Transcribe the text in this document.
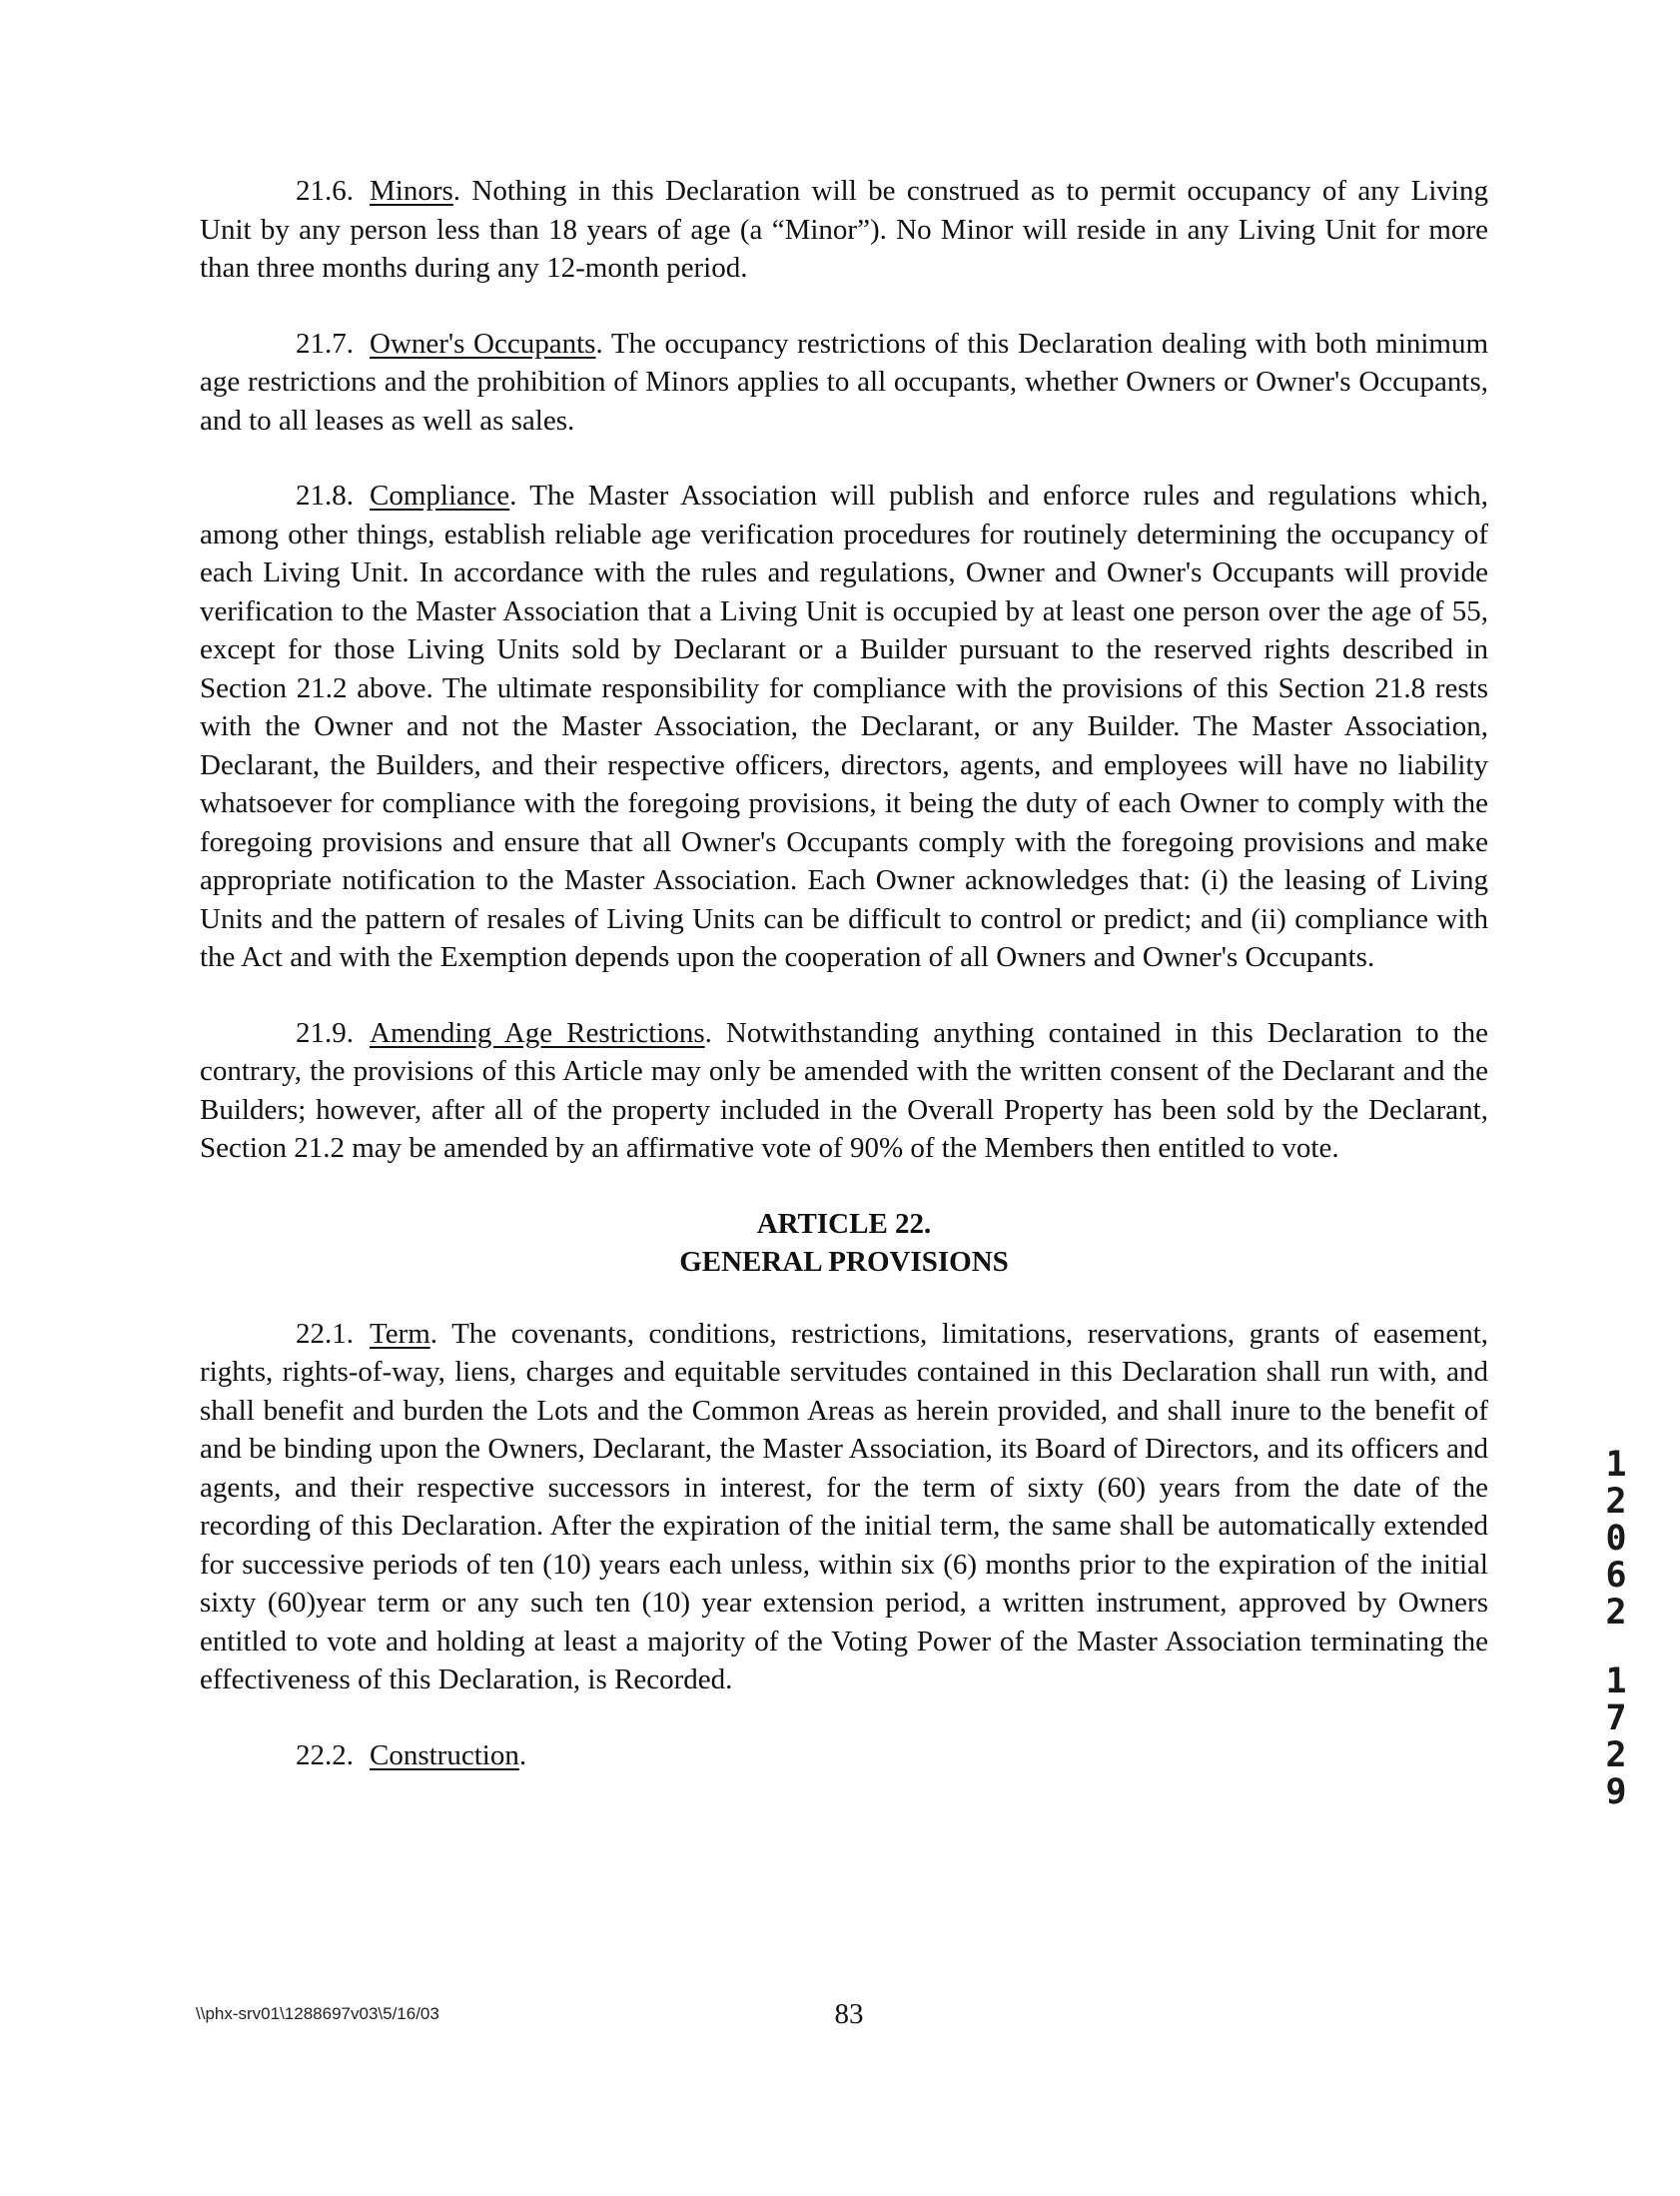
21.6. Minors. Nothing in this Declaration will be construed as to permit occupancy of any Living Unit by any person less than 18 years of age (a “Minor”). No Minor will reside in any Living Unit for more than three months during any 12-month period.

21.7. Owner's Occupants. The occupancy restrictions of this Declaration dealing with both minimum age restrictions and the prohibition of Minors applies to all occupants, whether Owners or Owner's Occupants, and to all leases as well as sales.

21.8. Compliance. The Master Association will publish and enforce rules and regulations which, among other things, establish reliable age verification procedures for routinely determining the occupancy of each Living Unit. In accordance with the rules and regulations, Owner and Owner's Occupants will provide verification to the Master Association that a Living Unit is occupied by at least one person over the age of 55, except for those Living Units sold by Declarant or a Builder pursuant to the reserved rights described in Section 21.2 above. The ultimate responsibility for compliance with the provisions of this Section 21.8 rests with the Owner and not the Master Association, the Declarant, or any Builder. The Master Association, Declarant, the Builders, and their respective officers, directors, agents, and employees will have no liability whatsoever for compliance with the foregoing provisions, it being the duty of each Owner to comply with the foregoing provisions and ensure that all Owner's Occupants comply with the foregoing provisions and make appropriate notification to the Master Association. Each Owner acknowledges that: (i) the leasing of Living Units and the pattern of resales of Living Units can be difficult to control or predict; and (ii) compliance with the Act and with the Exemption depends upon the cooperation of all Owners and Owner's Occupants.

21.9. Amending Age Restrictions. Notwithstanding anything contained in this Declaration to the contrary, the provisions of this Article may only be amended with the written consent of the Declarant and the Builders; however, after all of the property included in the Overall Property has been sold by the Declarant, Section 21.2 may be amended by an affirmative vote of 90% of the Members then entitled to vote.

ARTICLE 22.
GENERAL PROVISIONS

22.1. Term. The covenants, conditions, restrictions, limitations, reservations, grants of easement, rights, rights-of-way, liens, charges and equitable servitudes contained in this Declaration shall run with, and shall benefit and burden the Lots and the Common Areas as herein provided, and shall inure to the benefit of and be binding upon the Owners, Declarant, the Master Association, its Board of Directors, and its officers and agents, and their respective successors in interest, for the term of sixty (60) years from the date of the recording of this Declaration. After the expiration of the initial term, the same shall be automatically extended for successive periods of ten (10) years each unless, within six (6) months prior to the expiration of the initial sixty (60)year term or any such ten (10) year extension period, a written instrument, approved by Owners entitled to vote and holding at least a majority of the Voting Power of the Master Association terminating the effectiveness of this Declaration, is Recorded.

22.2. Construction.

1
2
0
6
2
1
7
2
9
\\phx-srv01\1288697v03\5/16/03	83
